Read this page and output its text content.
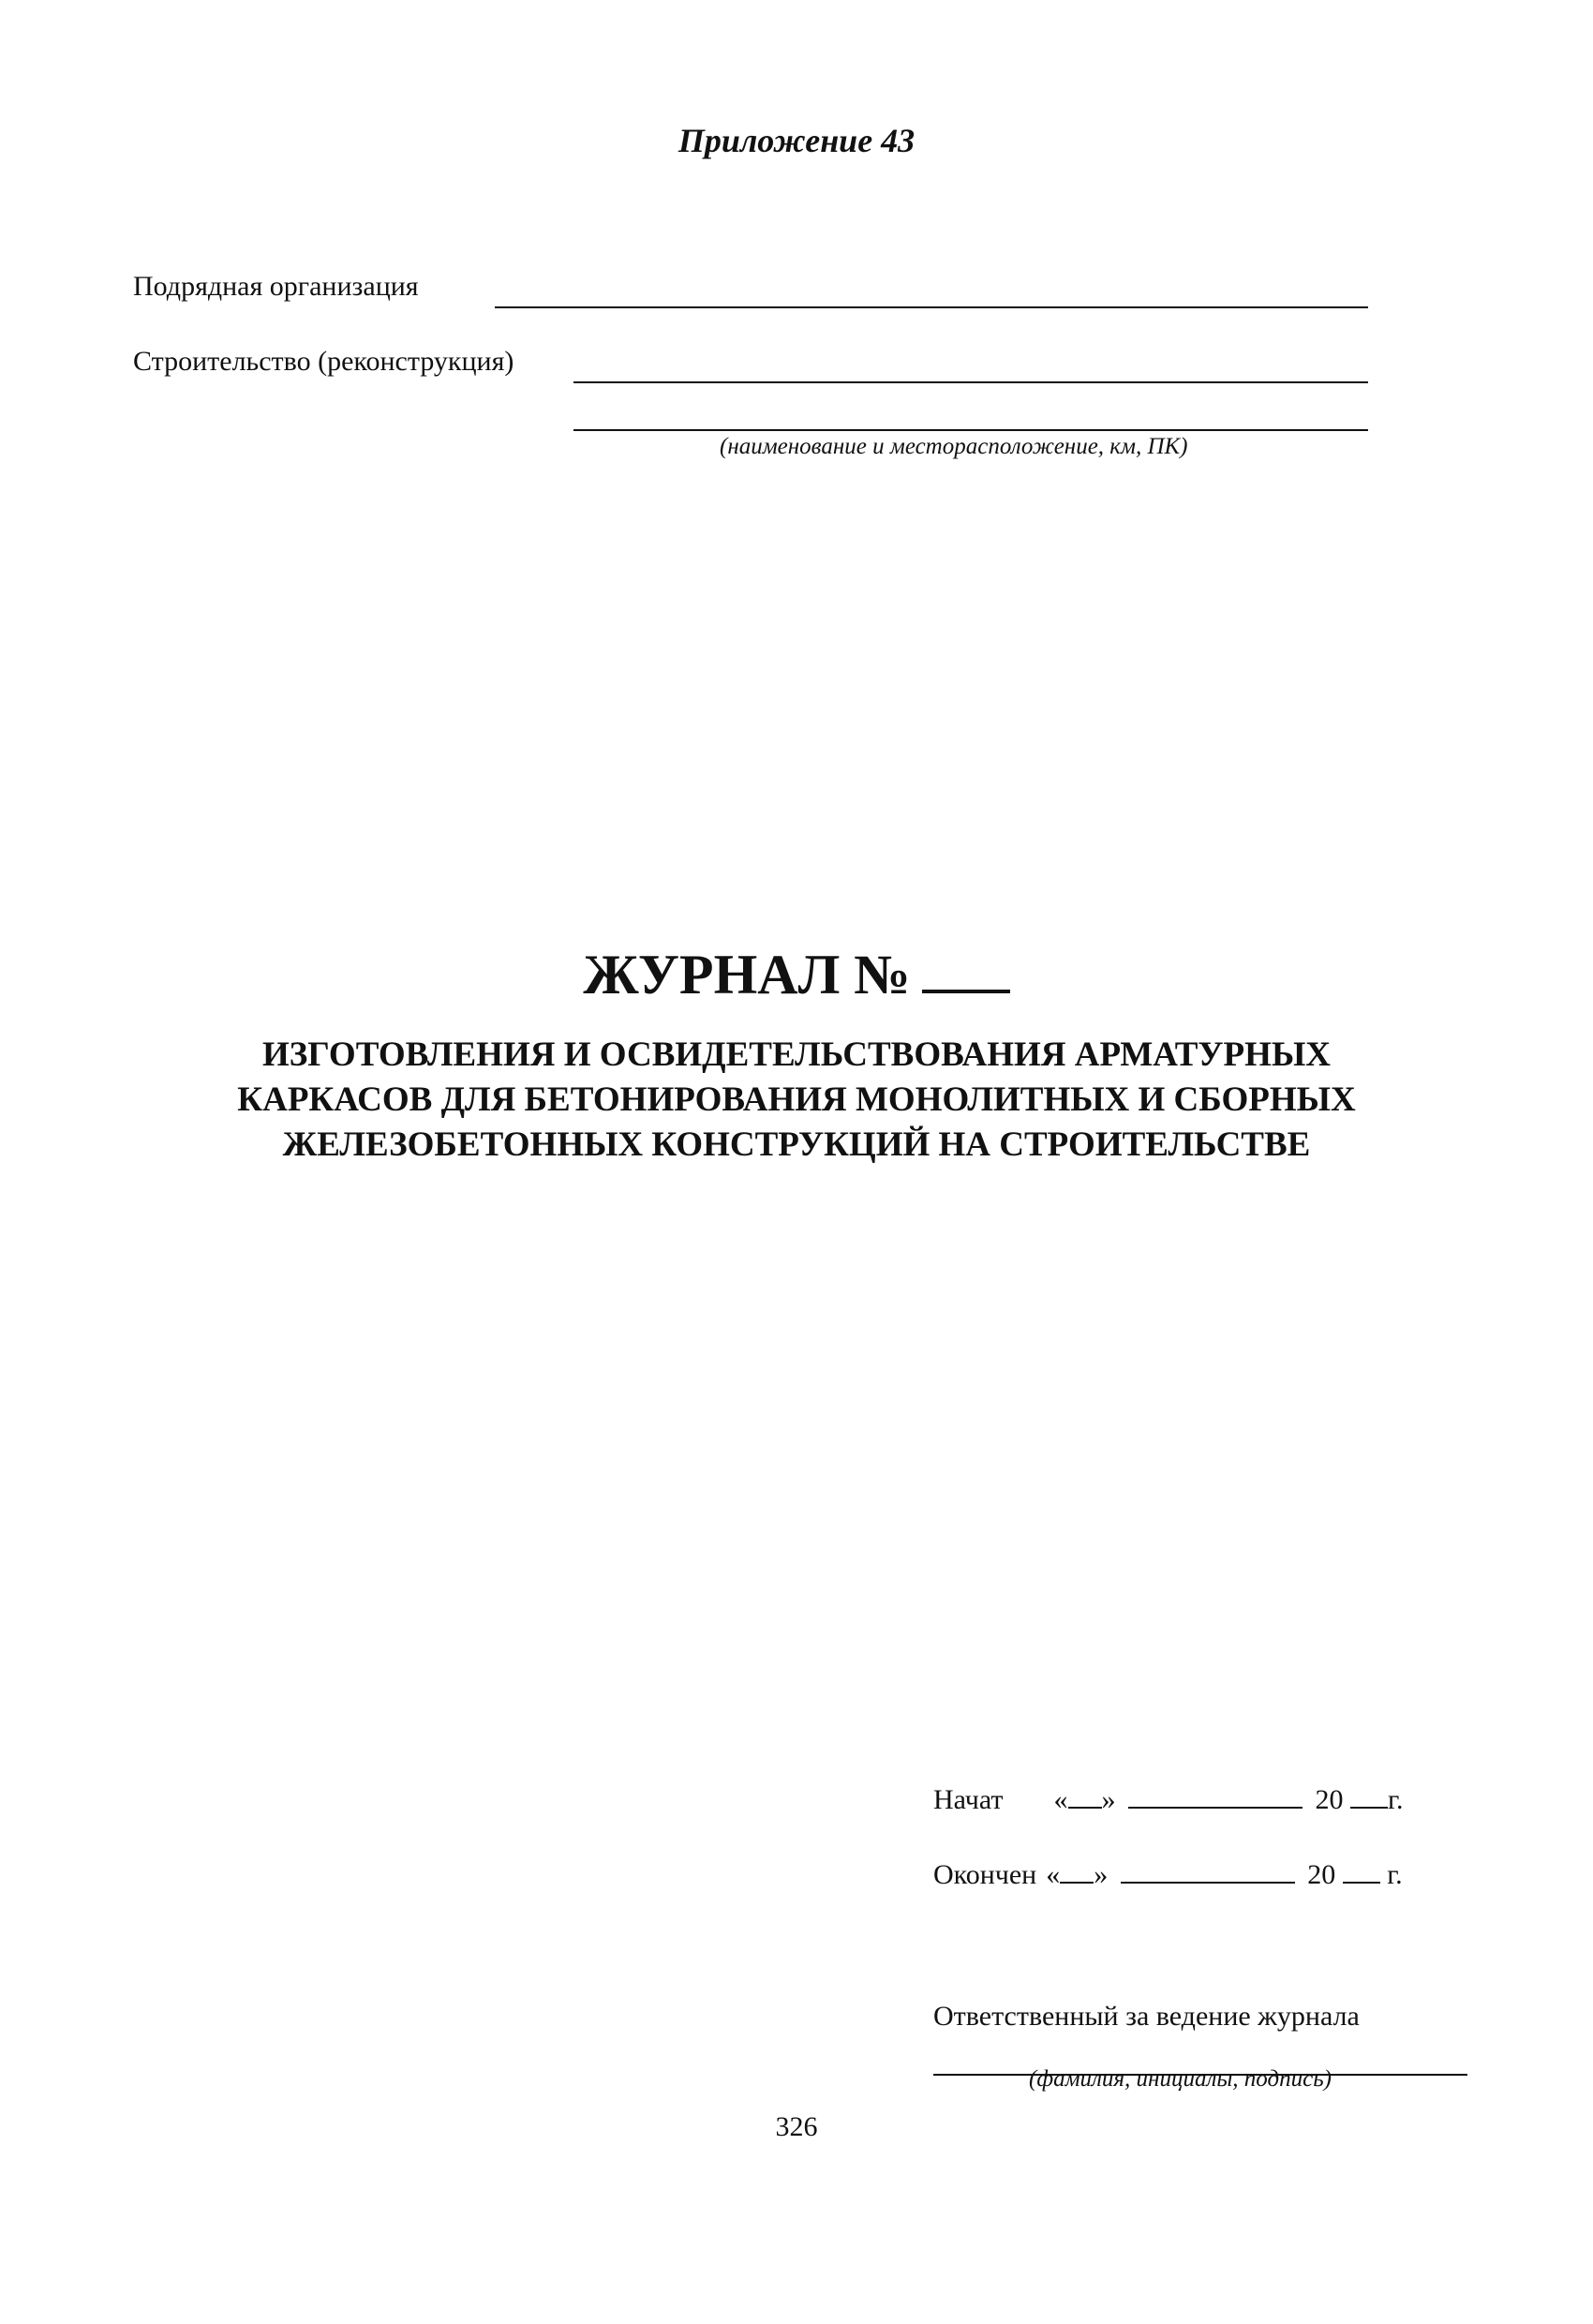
Приложение 43
Подрядная организация
Строительство (реконструкция)
(наименование и месторасположение, км, ПК)
ЖУРНАЛ №
ИЗГОТОВЛЕНИЯ И ОСВИДЕТЕЛЬСТВОВАНИЯ АРМАТУРНЫХ
КАРКАСОВ ДЛЯ БЕТОНИРОВАНИЯ МОНОЛИТНЫХ И СБОРНЫХ
ЖЕЛЕЗОБЕТОННЫХ КОНСТРУКЦИЙ НА СТРОИТЕЛЬСТВЕ
Начат « »	20 г.
Окончен « »	20 г.
Ответственный за ведение журнала
(фамилия, инициалы, подпись)
326
